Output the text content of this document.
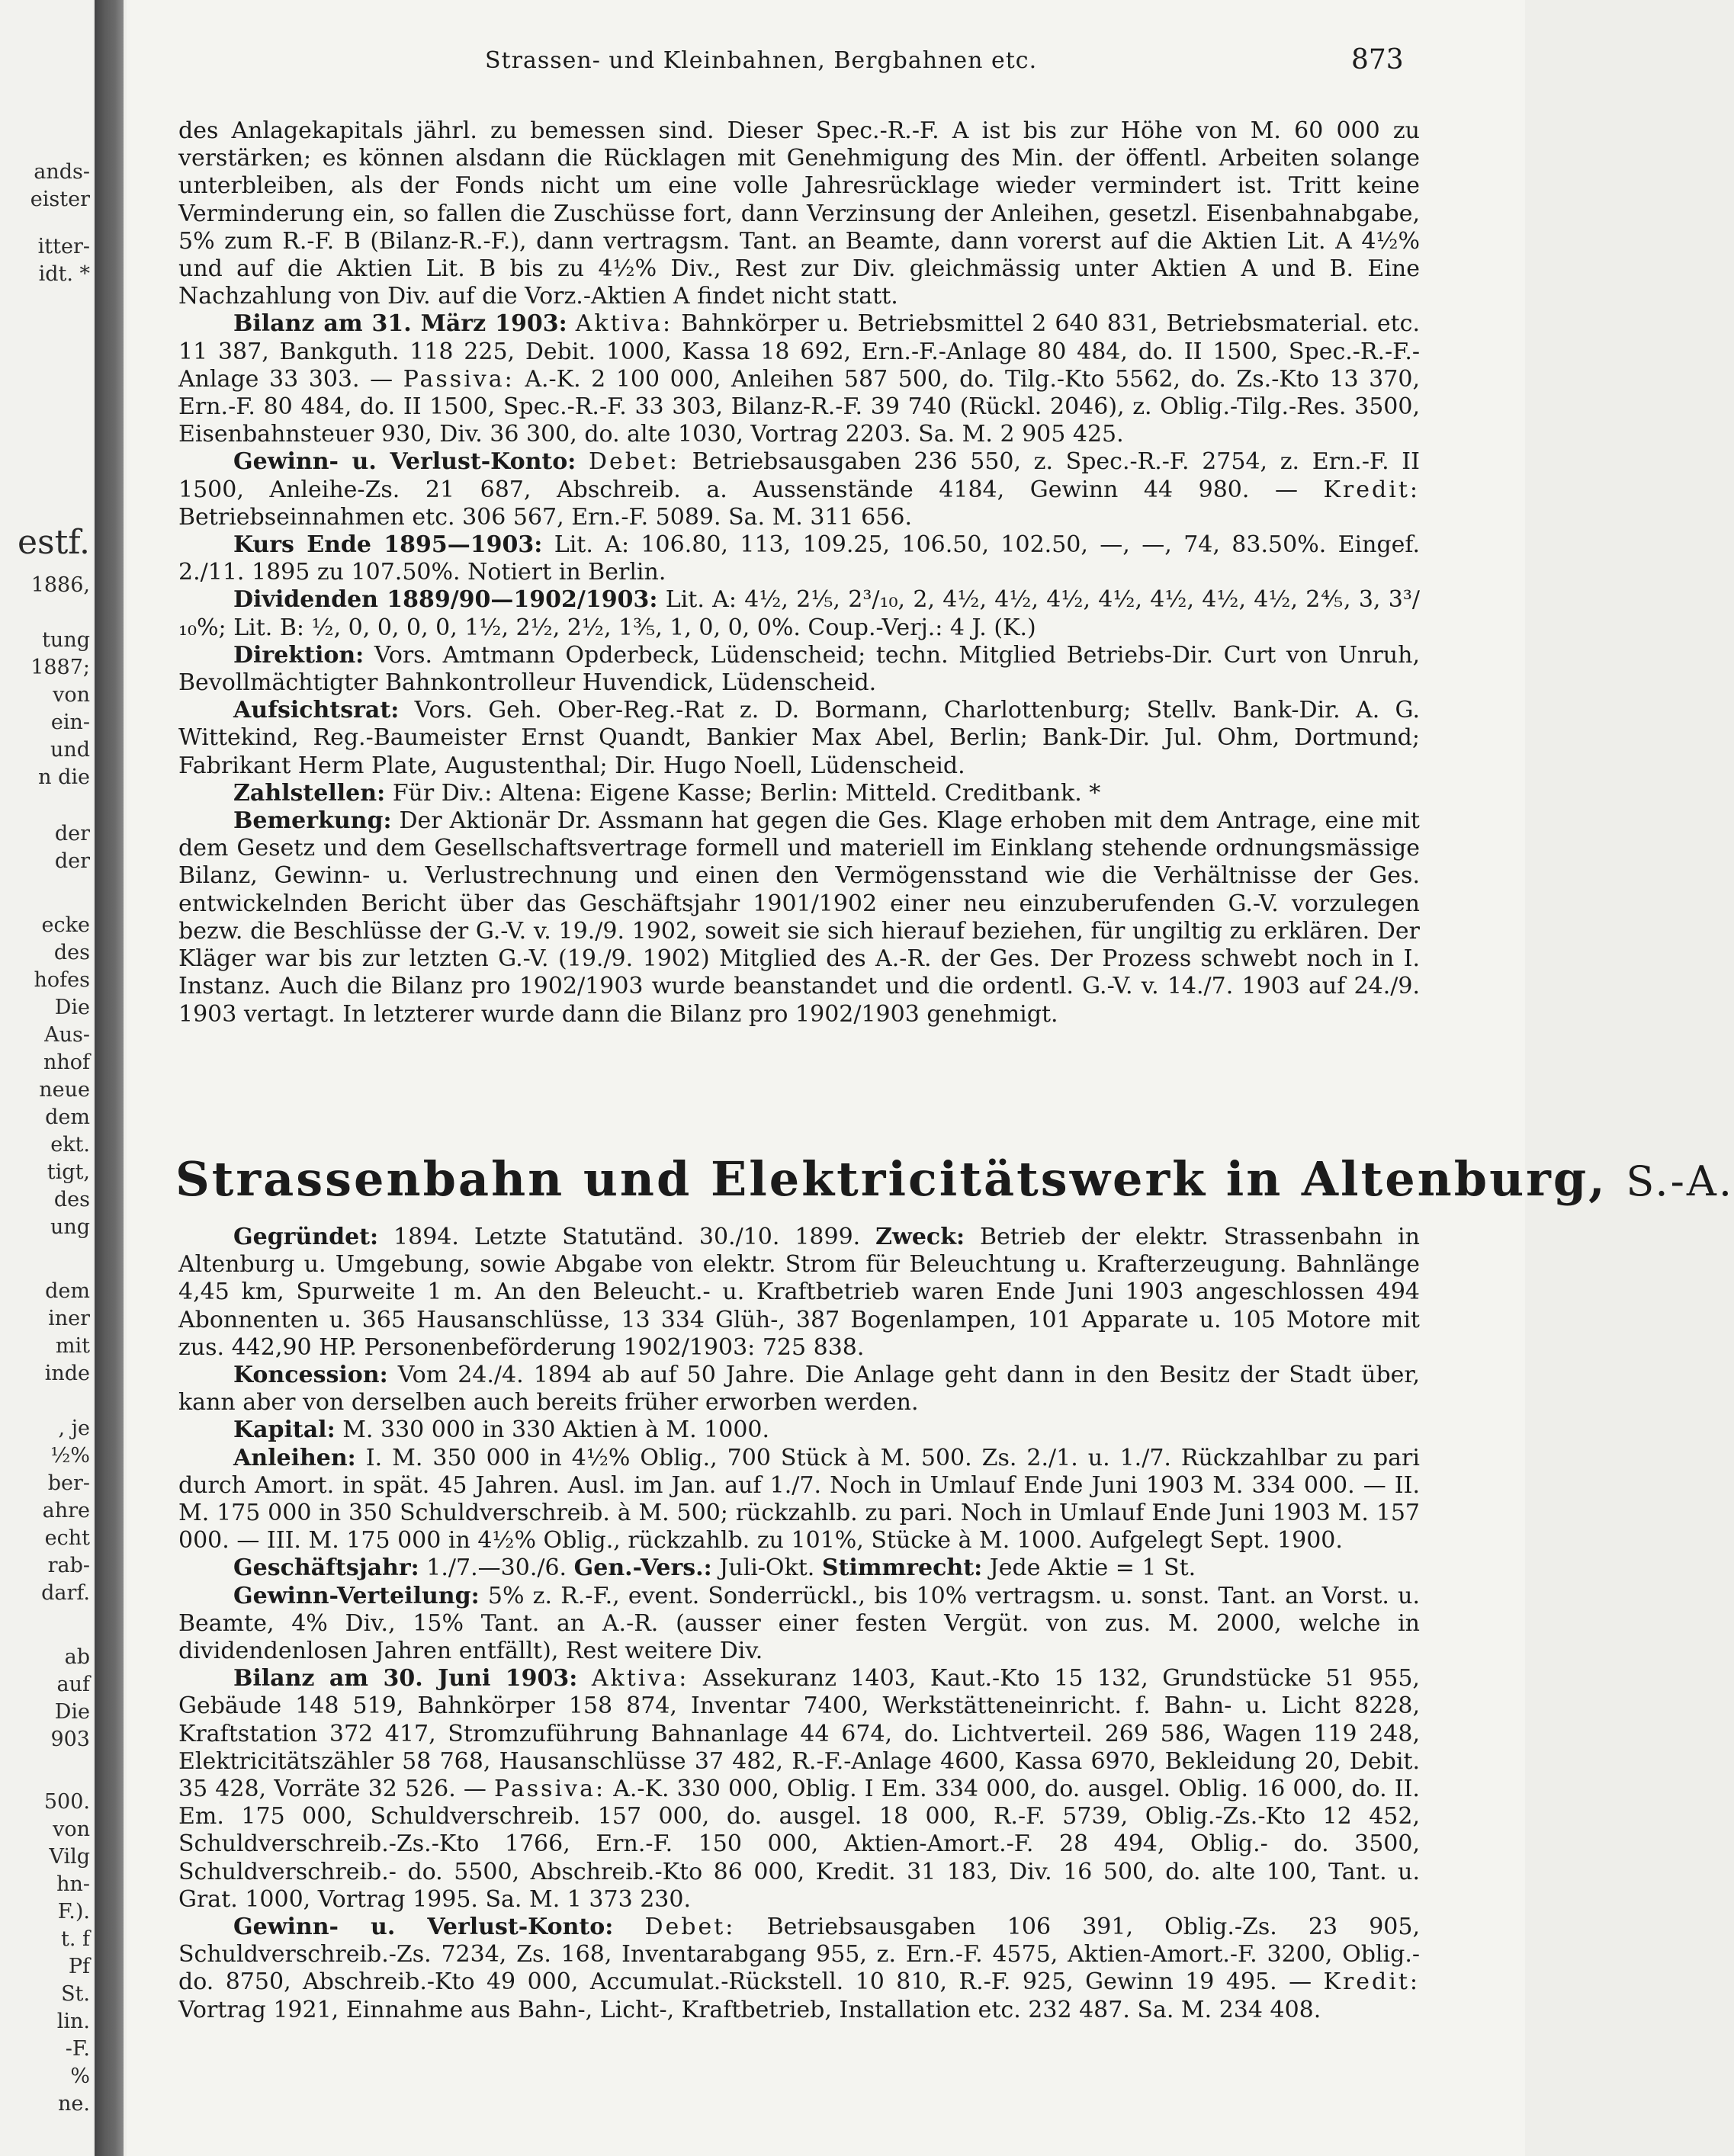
ands-
eister
itter-
idt. *
estf.
1886,
tung
1887;
von
ein-
und
n die
der
der
ecke
des
hofes
Die
Aus-
nhof
neue
dem
ekt.
tigt,
des
ung
dem
iner
mit
inde
, je
½%
ber-
ahre
echt
rab-
darf.
ab
auf
Die
903
500.
von
Vilg
hn-
F.).
t. f
Pf
St.
lin.
-F.
%
ne.
Strassen- und Kleinbahnen, Bergbahnen etc.	873

des Anlagekapitals jährl. zu bemessen sind. Dieser Spec.-R.-F. A ist bis zur Höhe von M. 60 000 zu verstärken; es können alsdann die Rücklagen mit Genehmigung des Min. der öffentl. Arbeiten solange unterbleiben, als der Fonds nicht um eine volle Jahresrücklage wieder vermindert ist. Tritt keine Verminderung ein, so fallen die Zuschüsse fort, dann Verzinsung der Anleihen, gesetzl. Eisenbahnabgabe, 5% zum R.-F. B (Bilanz-R.-F.), dann vertragsm. Tant. an Beamte, dann vorerst auf die Aktien Lit. A 4½% und auf die Aktien Lit. B bis zu 4½% Div., Rest zur Div. gleichmässig unter Aktien A und B. Eine Nachzahlung von Div. auf die Vorz.-Aktien A findet nicht statt.

Bilanz am 31. März 1903: Aktiva: Bahnkörper u. Betriebsmittel 2 640 831, Betriebsmaterial. etc. 11 387, Bankguth. 118 225, Debit. 1000, Kassa 18 692, Ern.-F.-Anlage 80 484, do. II 1500, Spec.-R.-F.-Anlage 33 303. — Passiva: A.-K. 2 100 000, Anleihen 587 500, do. Tilg.-Kto 5562, do. Zs.-Kto 13 370, Ern.-F. 80 484, do. II 1500, Spec.-R.-F. 33 303, Bilanz-R.-F. 39 740 (Rückl. 2046), z. Oblig.-Tilg.-Res. 3500, Eisenbahnsteuer 930, Div. 36 300, do. alte 1030, Vortrag 2203. Sa. M. 2 905 425.

Gewinn- u. Verlust-Konto: Debet: Betriebsausgaben 236 550, z. Spec.-R.-F. 2754, z. Ern.-F. II 1500, Anleihe-Zs. 21 687, Abschreib. a. Aussenstände 4184, Gewinn 44 980. — Kredit: Betriebseinnahmen etc. 306 567, Ern.-F. 5089. Sa. M. 311 656.

Kurs Ende 1895—1903: Lit. A: 106.80, 113, 109.25, 106.50, 102.50, —, —, 74, 83.50%. Eingef. 2./11. 1895 zu 107.50%. Notiert in Berlin.

Dividenden 1889/90—1902/1903: Lit. A: 4½, 2⅕, 2³/₁₀, 2, 4½, 4½, 4½, 4½, 4½, 4½, 4½, 2⅘, 3, 3³/₁₀%; Lit. B: ½, 0, 0, 0, 0, 1½, 2½, 2½, 1⅗, 1, 0, 0, 0%. Coup.-Verj.: 4 J. (K.)

Direktion: Vors. Amtmann Opderbeck, Lüdenscheid; techn. Mitglied Betriebs-Dir. Curt von Unruh, Bevollmächtigter Bahnkontrolleur Huvendick, Lüdenscheid.

Aufsichtsrat: Vors. Geh. Ober-Reg.-Rat z. D. Bormann, Charlottenburg; Stellv. Bank-Dir. A. G. Wittekind, Reg.-Baumeister Ernst Quandt, Bankier Max Abel, Berlin; Bank-Dir. Jul. Ohm, Dortmund; Fabrikant Herm Plate, Augustenthal; Dir. Hugo Noell, Lüdenscheid.

Zahlstellen: Für Div.: Altena: Eigene Kasse; Berlin: Mitteld. Creditbank. *

Bemerkung: Der Aktionär Dr. Assmann hat gegen die Ges. Klage erhoben mit dem Antrage, eine mit dem Gesetz und dem Gesellschaftsvertrage formell und materiell im Einklang stehende ordnungsmässige Bilanz, Gewinn- u. Verlustrechnung und einen den Vermögensstand wie die Verhältnisse der Ges. entwickelnden Bericht über das Geschäftsjahr 1901/1902 einer neu einzuberufenden G.-V. vorzulegen bezw. die Beschlüsse der G.-V. v. 19./9. 1902, soweit sie sich hierauf beziehen, für ungiltig zu erklären. Der Kläger war bis zur letzten G.-V. (19./9. 1902) Mitglied des A.-R. der Ges. Der Prozess schwebt noch in I. Instanz. Auch die Bilanz pro 1902/1903 wurde beanstandet und die ordentl. G.-V. v. 14./7. 1903 auf 24./9. 1903 vertagt. In letzterer wurde dann die Bilanz pro 1902/1903 genehmigt.

Strassenbahn und Elektricitätswerk in Altenburg, S.-A.

Gegründet: 1894. Letzte Statutänd. 30./10. 1899. Zweck: Betrieb der elektr. Strassenbahn in Altenburg u. Umgebung, sowie Abgabe von elektr. Strom für Beleuchtung u. Krafterzeugung. Bahnlänge 4,45 km, Spurweite 1 m. An den Beleucht.- u. Kraftbetrieb waren Ende Juni 1903 angeschlossen 494 Abonnenten u. 365 Hausanschlüsse, 13 334 Glüh-, 387 Bogenlampen, 101 Apparate u. 105 Motore mit zus. 442,90 HP. Personenbeförderung 1902/1903: 725 838.

Koncession: Vom 24./4. 1894 ab auf 50 Jahre. Die Anlage geht dann in den Besitz der Stadt über, kann aber von derselben auch bereits früher erworben werden.

Kapital: M. 330 000 in 330 Aktien à M. 1000.

Anleihen: I. M. 350 000 in 4½% Oblig., 700 Stück à M. 500. Zs. 2./1. u. 1./7. Rückzahlbar zu pari durch Amort. in spät. 45 Jahren. Ausl. im Jan. auf 1./7. Noch in Umlauf Ende Juni 1903 M. 334 000. — II. M. 175 000 in 350 Schuldverschreib. à M. 500; rückzahlb. zu pari. Noch in Umlauf Ende Juni 1903 M. 157 000. — III. M. 175 000 in 4½% Oblig., rückzahlb. zu 101%, Stücke à M. 1000. Aufgelegt Sept. 1900.

Geschäftsjahr: 1./7.—30./6. Gen.-Vers.: Juli-Okt. Stimmrecht: Jede Aktie = 1 St.

Gewinn-Verteilung: 5% z. R.-F., event. Sonderrückl., bis 10% vertragsm. u. sonst. Tant. an Vorst. u. Beamte, 4% Div., 15% Tant. an A.-R. (ausser einer festen Vergüt. von zus. M. 2000, welche in dividendenlosen Jahren entfällt), Rest weitere Div.

Bilanz am 30. Juni 1903: Aktiva: Assekuranz 1403, Kaut.-Kto 15 132, Grundstücke 51 955, Gebäude 148 519, Bahnkörper 158 874, Inventar 7400, Werkstätteneinricht. f. Bahn- u. Licht 8228, Kraftstation 372 417, Stromzuführung Bahnanlage 44 674, do. Lichtverteil. 269 586, Wagen 119 248, Elektricitätszähler 58 768, Hausanschlüsse 37 482, R.-F.-Anlage 4600, Kassa 6970, Bekleidung 20, Debit. 35 428, Vorräte 32 526. — Passiva: A.-K. 330 000, Oblig. I Em. 334 000, do. ausgel. Oblig. 16 000, do. II. Em. 175 000, Schuldverschreib. 157 000, do. ausgel. 18 000, R.-F. 5739, Oblig.-Zs.-Kto 12 452, Schuldverschreib.-Zs.-Kto 1766, Ern.-F. 150 000, Aktien-Amort.-F. 28 494, Oblig.- do. 3500, Schuldverschreib.- do. 5500, Abschreib.-Kto 86 000, Kredit. 31 183, Div. 16 500, do. alte 100, Tant. u. Grat. 1000, Vortrag 1995. Sa. M. 1 373 230.

Gewinn- u. Verlust-Konto: Debet: Betriebsausgaben 106 391, Oblig.-Zs. 23 905, Schuldverschreib.-Zs. 7234, Zs. 168, Inventarabgang 955, z. Ern.-F. 4575, Aktien-Amort.-F. 3200, Oblig.- do. 8750, Abschreib.-Kto 49 000, Accumulat.-Rückstell. 10 810, R.-F. 925, Gewinn 19 495. — Kredit: Vortrag 1921, Einnahme aus Bahn-, Licht-, Kraftbetrieb, Installation etc. 232 487. Sa. M. 234 408.
